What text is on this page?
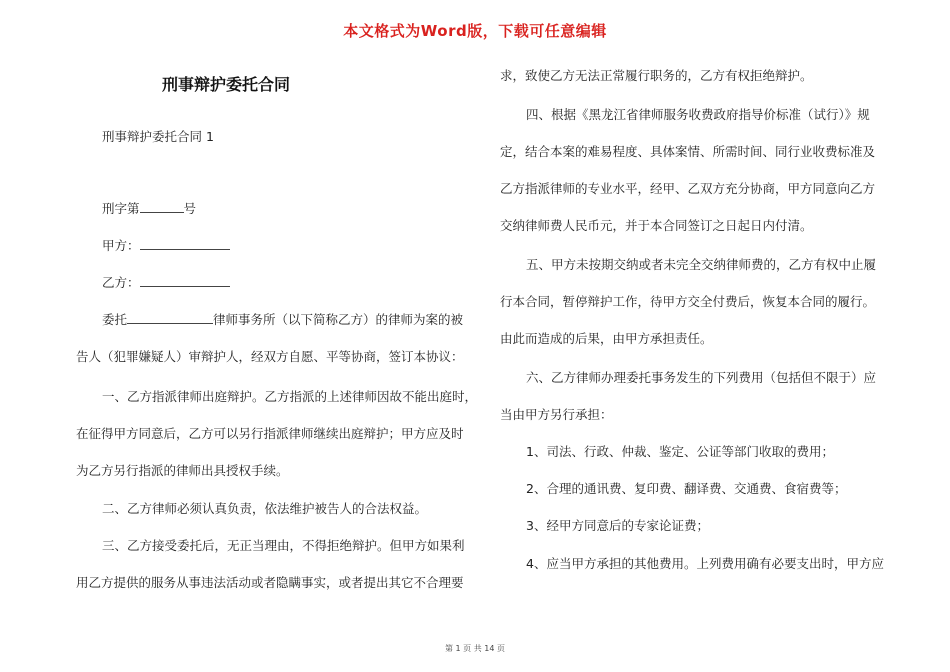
本文格式为Word版，下载可任意编辑
刑事辩护委托合同
刑事辩护委托合同 1
刑字第	号
甲方：
乙方：
委托	律师事务所（以下简称乙方）的律师为案的被
告人（犯罪嫌疑人）审辩护人，经双方自愿、平等协商，签订本协议：
一、乙方指派律师出庭辩护。乙方指派的上述律师因故不能出庭时，
在征得甲方同意后，乙方可以另行指派律师继续出庭辩护；甲方应及时
为乙方另行指派的律师出具授权手续。
二、乙方律师必须认真负责，依法维护被告人的合法权益。
三、乙方接受委托后，无正当理由，不得拒绝辩护。但甲方如果利
用乙方提供的服务从事违法活动或者隐瞒事实，或者提出其它不合理要
求，致使乙方无法正常履行职务的，乙方有权拒绝辩护。
四、根据《黑龙江省律师服务收费政府指导价标准（试行）》规
定，结合本案的难易程度、具体案情、所需时间、同行业收费标准及
乙方指派律师的专业水平，经甲、乙双方充分协商，甲方同意向乙方
交纳律师费人民币元，并于本合同签订之日起日内付清。
五、甲方未按期交纳或者未完全交纳律师费的，乙方有权中止履
行本合同，暂停辩护工作，待甲方交全付费后，恢复本合同的履行。
由此而造成的后果，由甲方承担责任。
六、乙方律师办理委托事务发生的下列费用（包括但不限于）应
当由甲方另行承担：
1、司法、行政、仲裁、鉴定、公证等部门收取的费用；
2、合理的通讯费、复印费、翻译费、交通费、食宿费等；
3、经甲方同意后的专家论证费；
4、应当甲方承担的其他费用。上列费用确有必要支出时，甲方应
第 1 页 共 14 页
